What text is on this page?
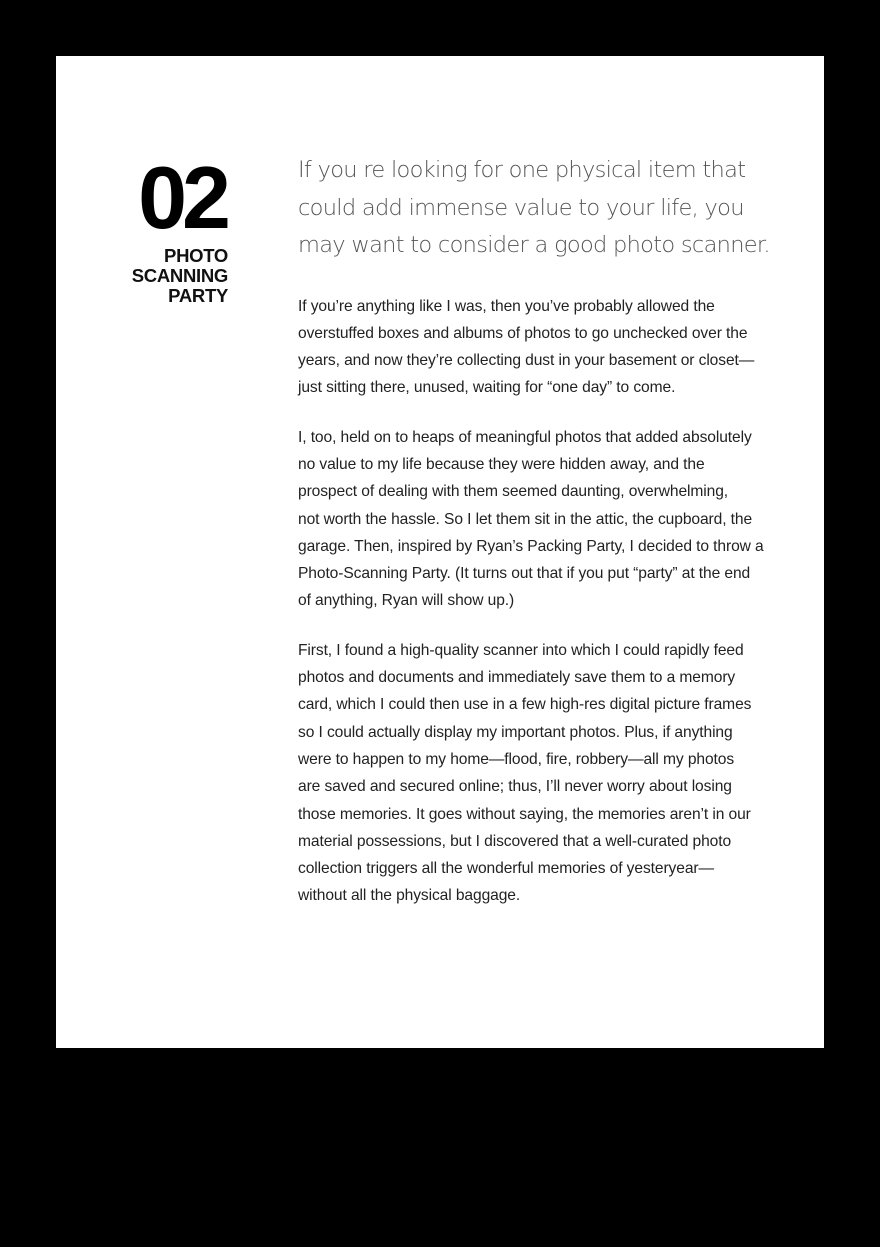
02
PHOTO
SCANNING
PARTY

If you re looking for one physical item that
could add immense value to your life, you
may want to consider a good photo scanner.

If you’re anything like I was, then you’ve probably allowed the
overstuffed boxes and albums of photos to go unchecked over the
years, and now they’re collecting dust in your basement or closet—
just sitting there, unused, waiting for “one day” to come.

I, too, held on to heaps of meaningful photos that added absolutely
no value to my life because they were hidden away, and the
prospect of dealing with them seemed daunting, overwhelming,
not worth the hassle. So I let them sit in the attic, the cupboard, the
garage. Then, inspired by Ryan’s Packing Party, I decided to throw a
Photo-Scanning Party. (It turns out that if you put “party” at the end
of anything, Ryan will show up.)

First, I found a high-quality scanner into which I could rapidly feed
photos and documents and immediately save them to a memory
card, which I could then use in a few high-res digital picture frames
so I could actually display my important photos. Plus, if anything
were to happen to my home—flood, fire, robbery—all my photos
are saved and secured online; thus, I’ll never worry about losing
those memories. It goes without saying, the memories aren’t in our
material possessions, but I discovered that a well-curated photo
collection triggers all the wonderful memories of yesteryear—
without all the physical baggage.
